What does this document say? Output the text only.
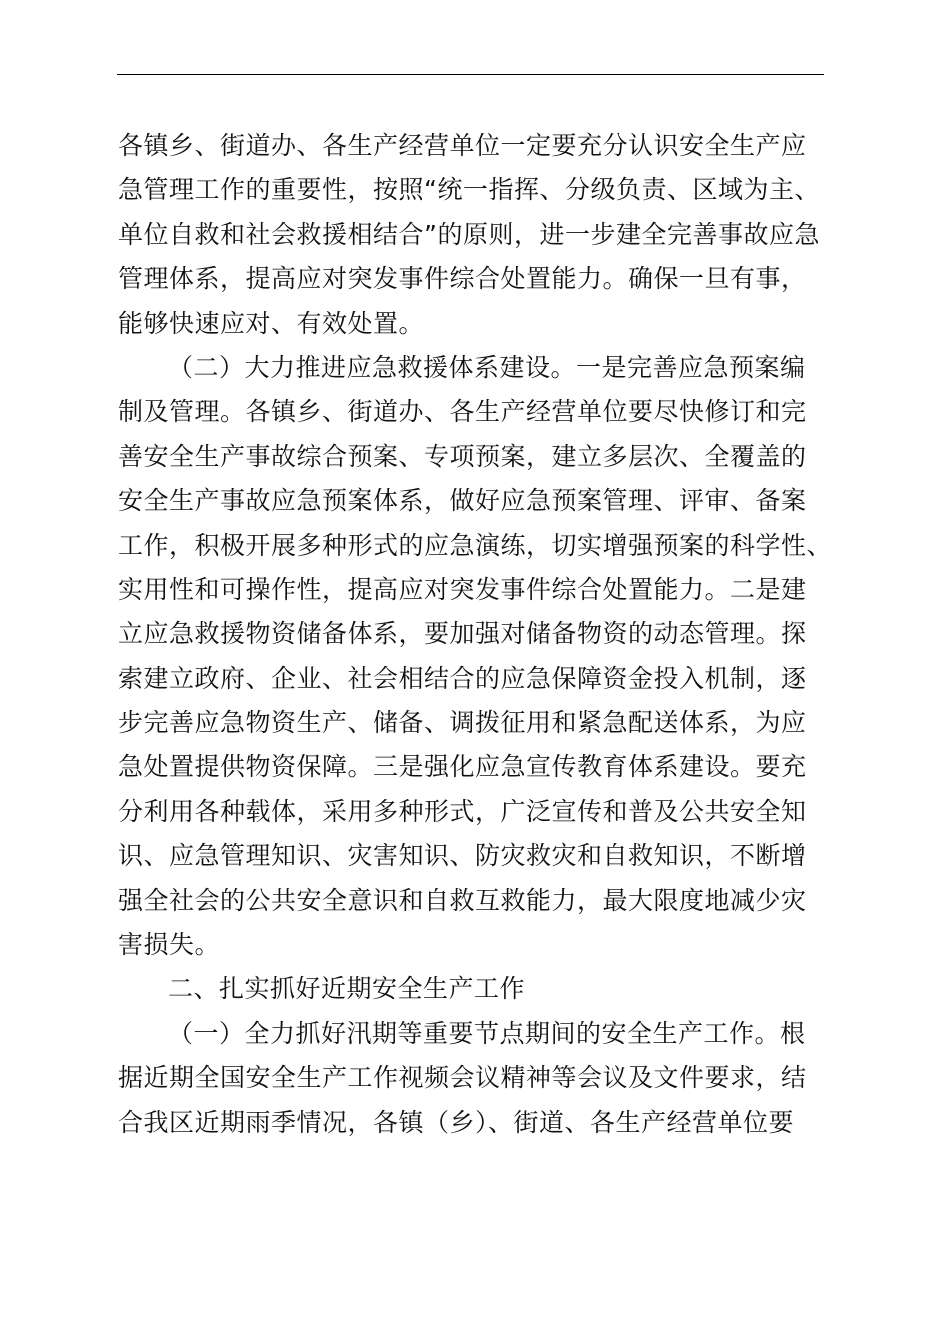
各镇乡、街道办、各生产经营单位一定要充分认识安全生产应
急管理工作的重要性，按照“统一指挥、分级负责、区域为主、
单位自救和社会救援相结合”的原则，进一步建全完善事故应急
管理体系，提高应对突发事件综合处置能力。确保一旦有事，
能够快速应对、有效处置。
（二）大力推进应急救援体系建设。一是完善应急预案编
制及管理。各镇乡、街道办、各生产经营单位要尽快修订和完
善安全生产事故综合预案、专项预案，建立多层次、全覆盖的
安全生产事故应急预案体系，做好应急预案管理、评审、备案
工作，积极开展多种形式的应急演练，切实增强预案的科学性、
实用性和可操作性，提高应对突发事件综合处置能力。二是建
立应急救援物资储备体系，要加强对储备物资的动态管理。探
索建立政府、企业、社会相结合的应急保障资金投入机制，逐
步完善应急物资生产、储备、调拨征用和紧急配送体系，为应
急处置提供物资保障。三是强化应急宣传教育体系建设。要充
分利用各种载体，采用多种形式，广泛宣传和普及公共安全知
识、应急管理知识、灾害知识、防灾救灾和自救知识，不断增
强全社会的公共安全意识和自救互救能力，最大限度地减少灾
害损失。
二、扎实抓好近期安全生产工作
（一）全力抓好汛期等重要节点期间的安全生产工作。根
据近期全国安全生产工作视频会议精神等会议及文件要求，结
合我区近期雨季情况，各镇（乡）、街道、各生产经营单位要
